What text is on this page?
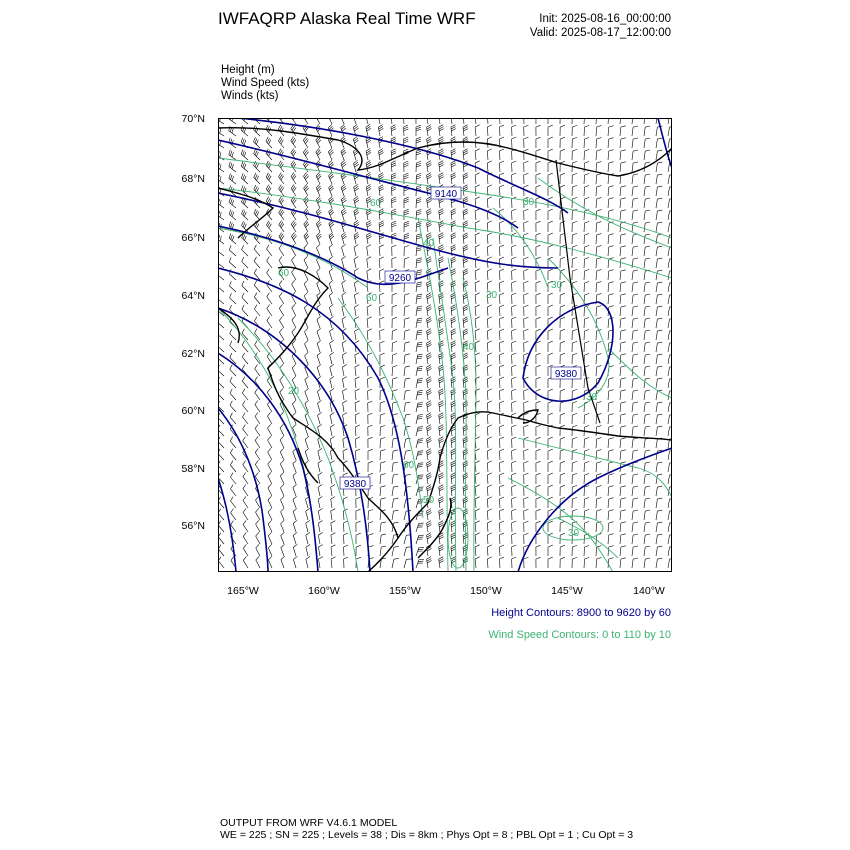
IWFAQRP Alaska Real Time WRF	Init: 2025-08-16_00:00:00
Valid: 2025-08-17_12:00:00
Height (m)
Wind Speed (kts)
Winds (kts)
70°N
68°N
66°N
64°N
62°N
60°N
58°N
56°N
165°W	160°W	155°W	150°W	145°W	140°W
9140
9260
9380
9380
60
60
60
40
40
30
30
30
30
30
20
60
50
Height Contours: 8900 to 9620 by 60
Wind Speed Contours: 0 to 110 by 10
OUTPUT FROM WRF V4.6.1 MODEL
WE = 225 ; SN = 225 ; Levels = 38 ; Dis = 8km ; Phys Opt = 8 ; PBL Opt = 1 ; Cu Opt = 3
